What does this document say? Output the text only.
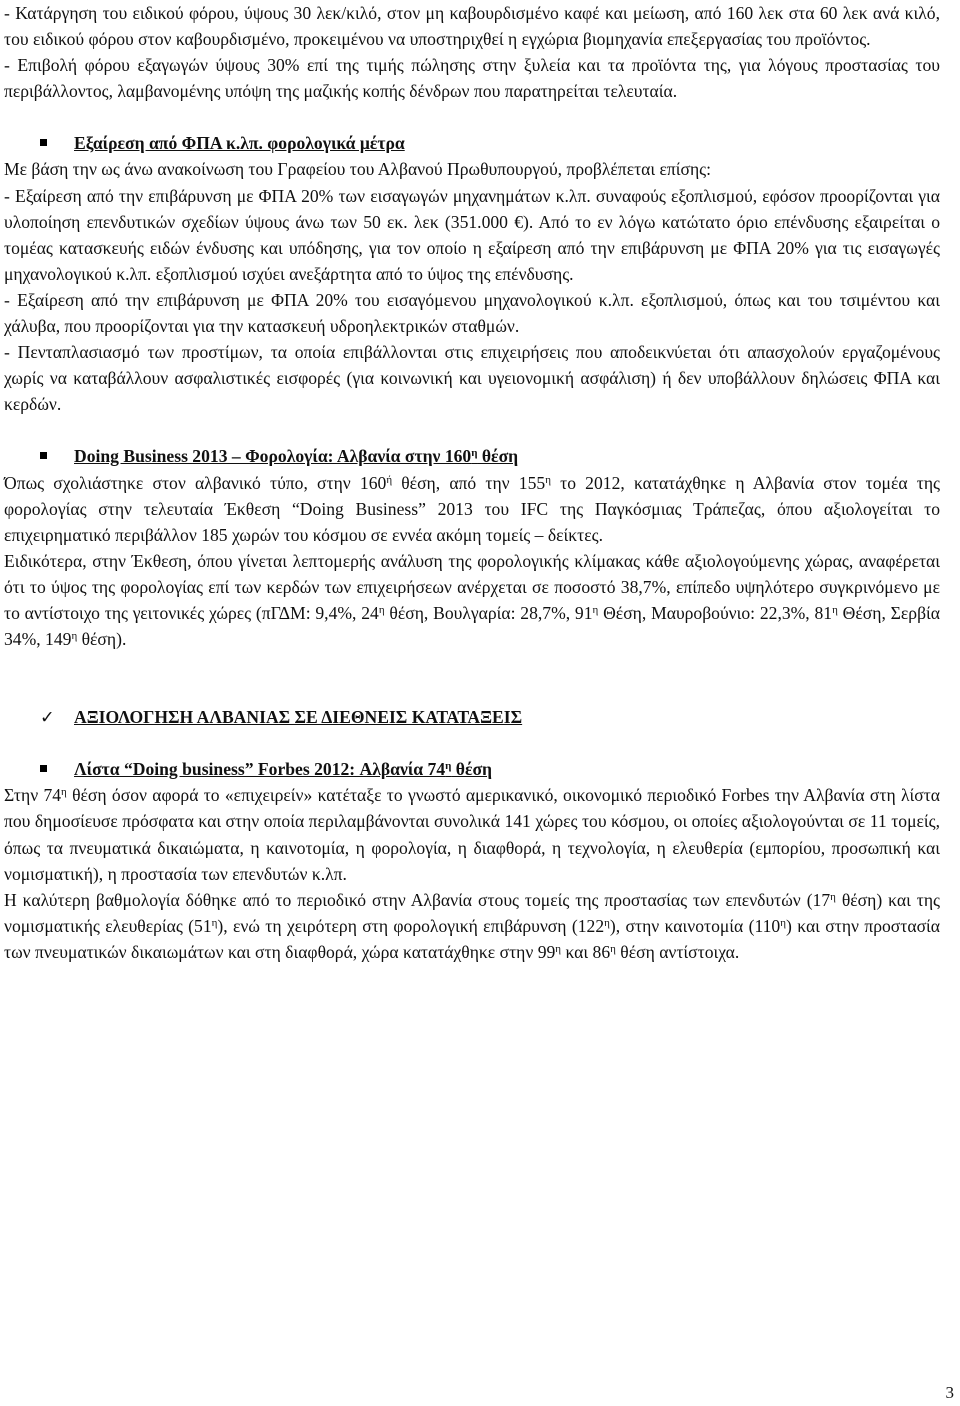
- Κατάργηση του ειδικού φόρου, ύψους 30 λεκ/κιλό, στον μη καβουρδισμένο καφέ και μείωση, από 160 λεκ στα 60 λεκ ανά κιλό, του ειδικού φόρου στον καβουρδισμένο, προκειμένου να υποστηριχθεί η εγχώρια βιομηχανία επεξεργασίας του προϊόντος.

- Επιβολή φόρου εξαγωγών ύψους 30% επί της τιμής πώλησης στην ξυλεία και τα προϊόντα της, για λόγους προστασίας του περιβάλλοντος, λαμβανομένης υπόψη της μαζικής κοπής δένδρων που παρατηρείται τελευταία.

Εξαίρεση από ΦΠΑ κ.λπ. φορολογικά μέτρα

Με βάση την ως άνω ανακοίνωση του Γραφείου του Αλβανού Πρωθυπουργού, προβλέπεται επίσης:

- Εξαίρεση από την επιβάρυνση με ΦΠΑ 20% των εισαγωγών μηχανημάτων κ.λπ. συναφούς εξοπλισμού, εφόσον προορίζονται για υλοποίηση επενδυτικών σχεδίων ύψους άνω των 50 εκ. λεκ (351.000 €). Από το εν λόγω κατώτατο όριο επένδυσης εξαιρείται ο τομέας κατασκευής ειδών ένδυσης και υπόδησης, για τον οποίο η εξαίρεση από την επιβάρυνση με ΦΠΑ 20% για τις εισαγωγές μηχανολογικού κ.λπ. εξοπλισμού ισχύει ανεξάρτητα από το ύψος της επένδυσης.

- Εξαίρεση από την επιβάρυνση με ΦΠΑ 20% του εισαγόμενου μηχανολογικού κ.λπ. εξοπλισμού, όπως και του τσιμέντου και χάλυβα, που προορίζονται για την κατασκευή υδροηλεκτρικών σταθμών.

- Πενταπλασιασμό των προστίμων, τα οποία επιβάλλονται στις επιχειρήσεις που αποδεικνύεται ότι απασχολούν εργαζομένους χωρίς να καταβάλλουν ασφαλιστικές εισφορές (για κοινωνική και υγειονομική ασφάλιση) ή δεν υποβάλλουν δηλώσεις ΦΠΑ και κερδών.

Doing Business 2013 – Φορολογία: Αλβανία στην $160^\eta$ θέση

Όπως σχολιάστηκε στον αλβανικό τύπο, στην $160^ή$ θέση, από την $155^\eta$ το 2012, κατατάχθηκε η Αλβανία στον τομέα της φορολογίας στην τελευταία Έκθεση “Doing Business” 2013 του IFC της Παγκόσμιας Τράπεζας, όπου αξιολογείται το επιχειρηματικό περιβάλλον 185 χωρών του κόσμου σε εννέα ακόμη τομείς – δείκτες.

Ειδικότερα, στην Έκθεση, όπου γίνεται λεπτομερής ανάλυση της φορολογικής κλίμακας κάθε αξιολογούμενης χώρας, αναφέρεται ότι το ύψος της φορολογίας επί των κερδών των επιχειρήσεων ανέρχεται σε ποσοστό 38,7%, επίπεδο υψηλότερο συγκρινόμενο με το αντίστοιχο της γειτονικές χώρες (πΓΔΜ: 9,4%, $24^\eta$ θέση, Βουλγαρία: 28,7%, $91^\eta$ Θέση, Μαυροβούνιο: 22,3%, $81^\eta$ Θέση, Σερβία 34%, $149^\eta$ θέση).

✓ ΑΞΙΟΛΟΓΗΣΗ ΑΛΒΑΝΙΑΣ ΣΕ ΔΙΕΘΝΕΙΣ ΚΑΤΑΤΑΞΕΙΣ
Λίστα “Doing business” Forbes 2012: Αλβανία $74^\eta$ θέση

Στην $74^\eta$ θέση όσον αφορά το «επιχειρείν» κατέταξε το γνωστό αμερικανικό, οικονομικό περιοδικό Forbes την Αλβανία στη λίστα που δημοσίευσε πρόσφατα και στην οποία περιλαμβάνονται συνολικά 141 χώρες του κόσμου, οι οποίες αξιολογούνται σε 11 τομείς, όπως τα πνευματικά δικαιώματα, η καινοτομία, η φορολογία, η διαφθορά, η τεχνολογία, η ελευθερία (εμπορίου, προσωπική και νομισματική), η προστασία των επενδυτών κ.λπ.

Η καλύτερη βαθμολογία δόθηκε από το περιοδικό στην Αλβανία στους τομείς της προστασίας των επενδυτών ($17^\eta$ θέση) και της νομισματικής ελευθερίας $(51^\eta)$, ενώ τη χειρότερη στη φορολογική επιβάρυνση $(122^\eta)$, στην καινοτομία $(110^\eta)$ και στην προστασία των πνευματικών δικαιωμάτων και στη διαφθορά, χώρα κατατάχθηκε στην $99^\eta$ και $86^\eta$ θέση αντίστοιχα.

3
